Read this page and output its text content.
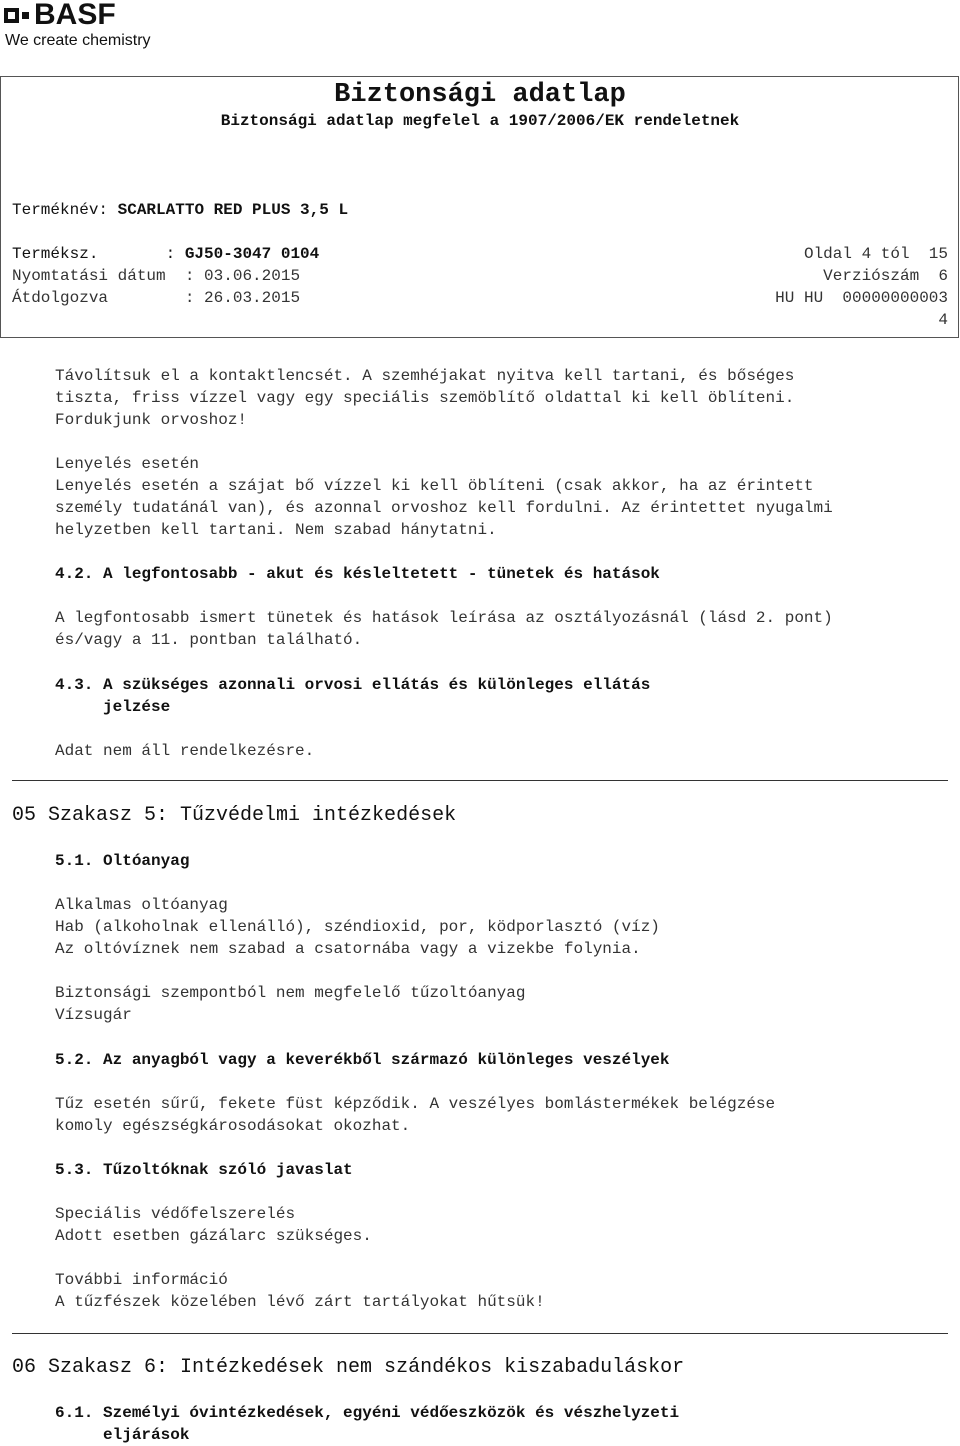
BASF
We create chemistry
Biztonsági adatlap
Biztonsági adatlap megfelel a 1907/2006/EK rendeletnek
Terméknév: SCARLATTO RED PLUS 3,5 L
Terméksz.       : GJ50-3047 0104
Nyomtatási dátum  : 03.06.2015
Átdolgozva        : 26.03.2015
Oldal 4 tól  15
Verziószám  6
HU HU  00000000003
4
Távolítsuk el a kontaktlencsét. A szemhéjakat nyitva kell tartani, és bőséges
tiszta, friss vízzel vagy egy speciális szemöblítő oldattal ki kell öblíteni.
Fordukjunk orvoshoz!
Lenyelés esetén
Lenyelés esetén a szájat bő vízzel ki kell öblíteni (csak akkor, ha az érintett
személy tudatánál van), és azonnal orvoshoz kell fordulni. Az érintettet nyugalmi
helyzetben kell tartani. Nem szabad hánytatni.
4.2. A legfontosabb - akut és késleltetett - tünetek és hatások
A legfontosabb ismert tünetek és hatások leírása az osztályozásnál (lásd 2. pont)
és/vagy a 11. pontban található.
4.3. A szükséges azonnali orvosi ellátás és különleges ellátás
jelzése
Adat nem áll rendelkezésre.
05 Szakasz 5: Tűzvédelmi intézkedések
5.1. Oltóanyag
Alkalmas oltóanyag
Hab (alkoholnak ellenálló), széndioxid, por, ködporlasztó (víz)
Az oltóvíznek nem szabad a csatornába vagy a vizekbe folynia.
Biztonsági szempontból nem megfelelő tűzoltóanyag
Vízsugár
5.2. Az anyagból vagy a keverékből származó különleges veszélyek
Tűz esetén sűrű, fekete füst képződik. A veszélyes bomlástermékek belégzése
komoly egészségkárosodásokat okozhat.
5.3. Tűzoltóknak szóló javaslat
Speciális védőfelszerelés
Adott esetben gázálarc szükséges.
További információ
A tűzfészek közelében lévő zárt tartályokat hűtsük!
06 Szakasz 6: Intézkedések nem szándékos kiszabaduláskor
6.1. Személyi óvintézkedések, egyéni védőeszközök és vészhelyzeti
eljárások
